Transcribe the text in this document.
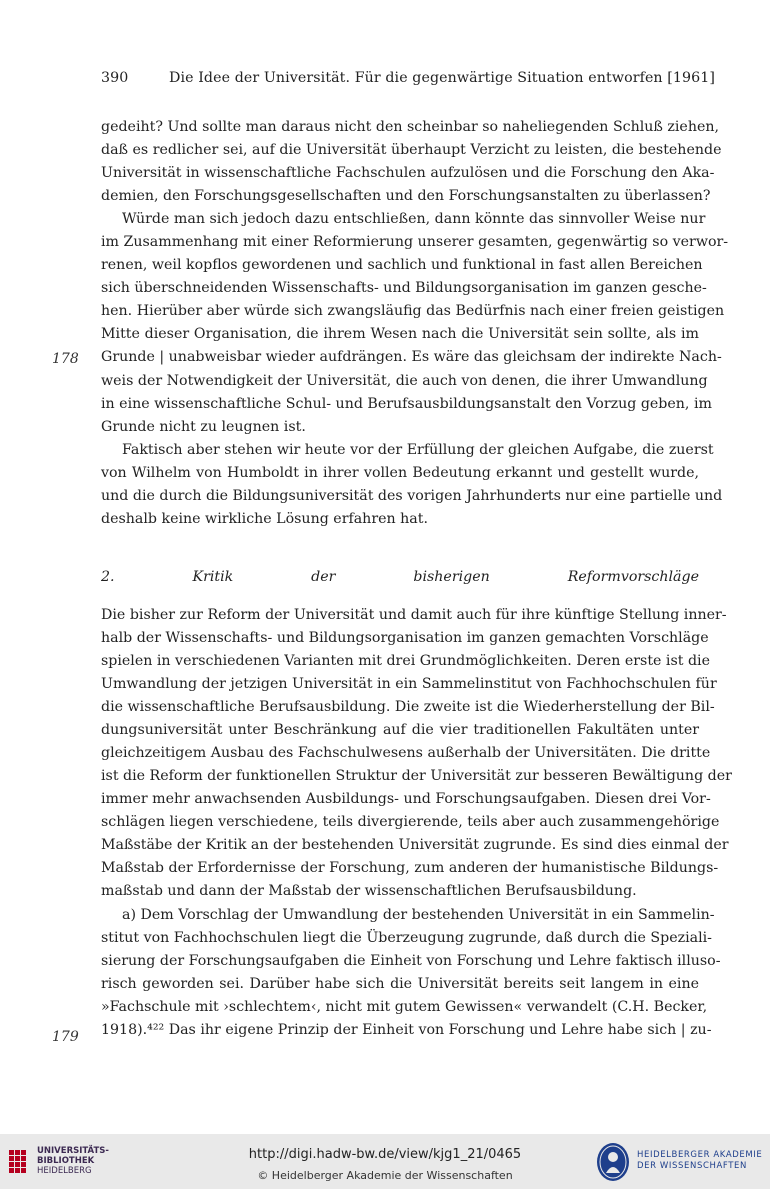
390	Die Idee der Universität. Für die gegenwärtige Situation entworfen [1961]
178
179

gedeiht? Und sollte man daraus nicht den scheinbar so naheliegenden Schluß ziehen,

daß es redlicher sei, auf die Universität überhaupt Verzicht zu leisten, die bestehende

Universität in wissenschaftliche Fachschulen aufzulösen und die Forschung den Aka-

demien, den Forschungsgesellschaften und den Forschungsanstalten zu überlassen?

Würde man sich jedoch dazu entschließen, dann könnte das sinnvoller Weise nur

im Zusammenhang mit einer Reformierung unserer gesamten, gegenwärtig so verwor-

renen, weil kopflos gewordenen und sachlich und funktional in fast allen Bereichen

sich überschneidenden Wissenschafts- und Bildungsorganisation im ganzen gesche-

hen. Hierüber aber würde sich zwangsläufig das Bedürfnis nach einer freien geistigen

Mitte dieser Organisation, die ihrem Wesen nach die Universität sein sollte, als im

Grunde | unabweisbar wieder aufdrängen. Es wäre das gleichsam der indirekte Nach-

weis der Notwendigkeit der Universität, die auch von denen, die ihrer Umwandlung

in eine wissenschaftliche Schul- und Berufsausbildungsanstalt den Vorzug geben, im

Grunde nicht zu leugnen ist.

Faktisch aber stehen wir heute vor der Erfüllung der gleichen Aufgabe, die zuerst

von Wilhelm von Humboldt in ihrer vollen Bedeutung erkannt und gestellt wurde,

und die durch die Bildungsuniversität des vorigen Jahrhunderts nur eine partielle und

deshalb keine wirkliche Lösung erfahren hat.

2. Kritik der bisherigen Reformvorschläge

Die bisher zur Reform der Universität und damit auch für ihre künftige Stellung inner-

halb der Wissenschafts- und Bildungsorganisation im ganzen gemachten Vorschläge

spielen in verschiedenen Varianten mit drei Grundmöglichkeiten. Deren erste ist die

Umwandlung der jetzigen Universität in ein Sammelinstitut von Fachhochschulen für

die wissenschaftliche Berufsausbildung. Die zweite ist die Wiederherstellung der Bil-

dungsuniversität unter Beschränkung auf die vier traditionellen Fakultäten unter

gleichzeitigem Ausbau des Fachschulwesens außerhalb der Universitäten. Die dritte

ist die Reform der funktionellen Struktur der Universität zur besseren Bewältigung der

immer mehr anwachsenden Ausbildungs- und Forschungsaufgaben. Diesen drei Vor-

schlägen liegen verschiedene, teils divergierende, teils aber auch zusammengehörige

Maßstäbe der Kritik an der bestehenden Universität zugrunde. Es sind dies einmal der

Maßstab der Erfordernisse der Forschung, zum anderen der humanistische Bildungs-

maßstab und dann der Maßstab der wissenschaftlichen Berufsausbildung.

a) Dem Vorschlag der Umwandlung der bestehenden Universität in ein Sammelin-

stitut von Fachhochschulen liegt die Überzeugung zugrunde, daß durch die Speziali-

sierung der Forschungsaufgaben die Einheit von Forschung und Lehre faktisch illuso-

risch geworden sei. Darüber habe sich die Universität bereits seit langem in eine

»Fachschule mit ›schlechtem‹, nicht mit gutem Gewissen« verwandelt (C.H. Becker,

1918).⁴²² Das ihr eigene Prinzip der Einheit von Forschung und Lehre habe sich | zu-

UNIVERSITÄTS-
BIBLIOTHEK
HEIDELBERG
http://digi.hadw-bw.de/view/kjg1_21/0465
© Heidelberger Akademie der Wissenschaften
HEIDELBERGER AKADEMIE
DER WISSENSCHAFTEN
